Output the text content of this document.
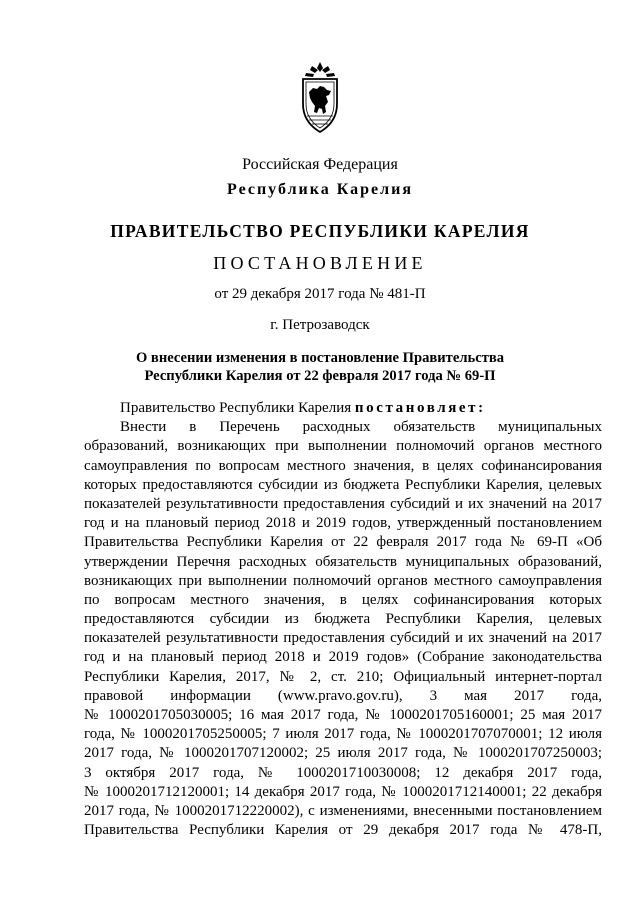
Российская Федерация
Республика Карелия
ПРАВИТЕЛЬСТВО РЕСПУБЛИКИ КАРЕЛИЯ
ПОСТАНОВЛЕНИЕ
от 29 декабря 2017 года № 481-П
г. Петрозаводск
О внесении изменения в постановление Правительства
Республики Карелия от 22 февраля 2017 года № 69-П
Правительство Республики Карелия постановляет:
Внести в Перечень расходных обязательств муниципальных
образований, возникающих при выполнении полномочий органов местного
самоуправления по вопросам местного значения, в целях софинансирования
которых предоставляются субсидии из бюджета Республики Карелия, целевых
показателей результативности предоставления субсидий и их значений на 2017
год и на плановый период 2018 и 2019 годов, утвержденный постановлением
Правительства Республики Карелия от 22 февраля 2017 года № 69-П «Об
утверждении Перечня расходных обязательств муниципальных образований,
возникающих при выполнении полномочий органов местного самоуправления
по вопросам местного значения, в целях софинансирования которых
предоставляются субсидии из бюджета Республики Карелия, целевых
показателей результативности предоставления субсидий и их значений на 2017
год и на плановый период 2018 и 2019 годов» (Собрание законодательства
Республики Карелия, 2017, № 2, ст. 210; Официальный интернет-портал
правовой информации (www.pravo.gov.ru), 3 мая 2017 года,
№ 1000201705030005; 16 мая 2017 года, № 1000201705160001; 25 мая 2017
года, № 1000201705250005; 7 июля 2017 года, № 1000201707070001; 12 июля
2017 года, № 1000201707120002; 25 июля 2017 года, № 1000201707250003;
3 октября 2017 года, № 1000201710030008; 12 декабря 2017 года,
№ 1000201712120001; 14 декабря 2017 года, № 1000201712140001; 22 декабря
2017 года, № 1000201712220002), с изменениями, внесенными постановлением
Правительства Республики Карелия от 29 декабря 2017 года № 478-П,
